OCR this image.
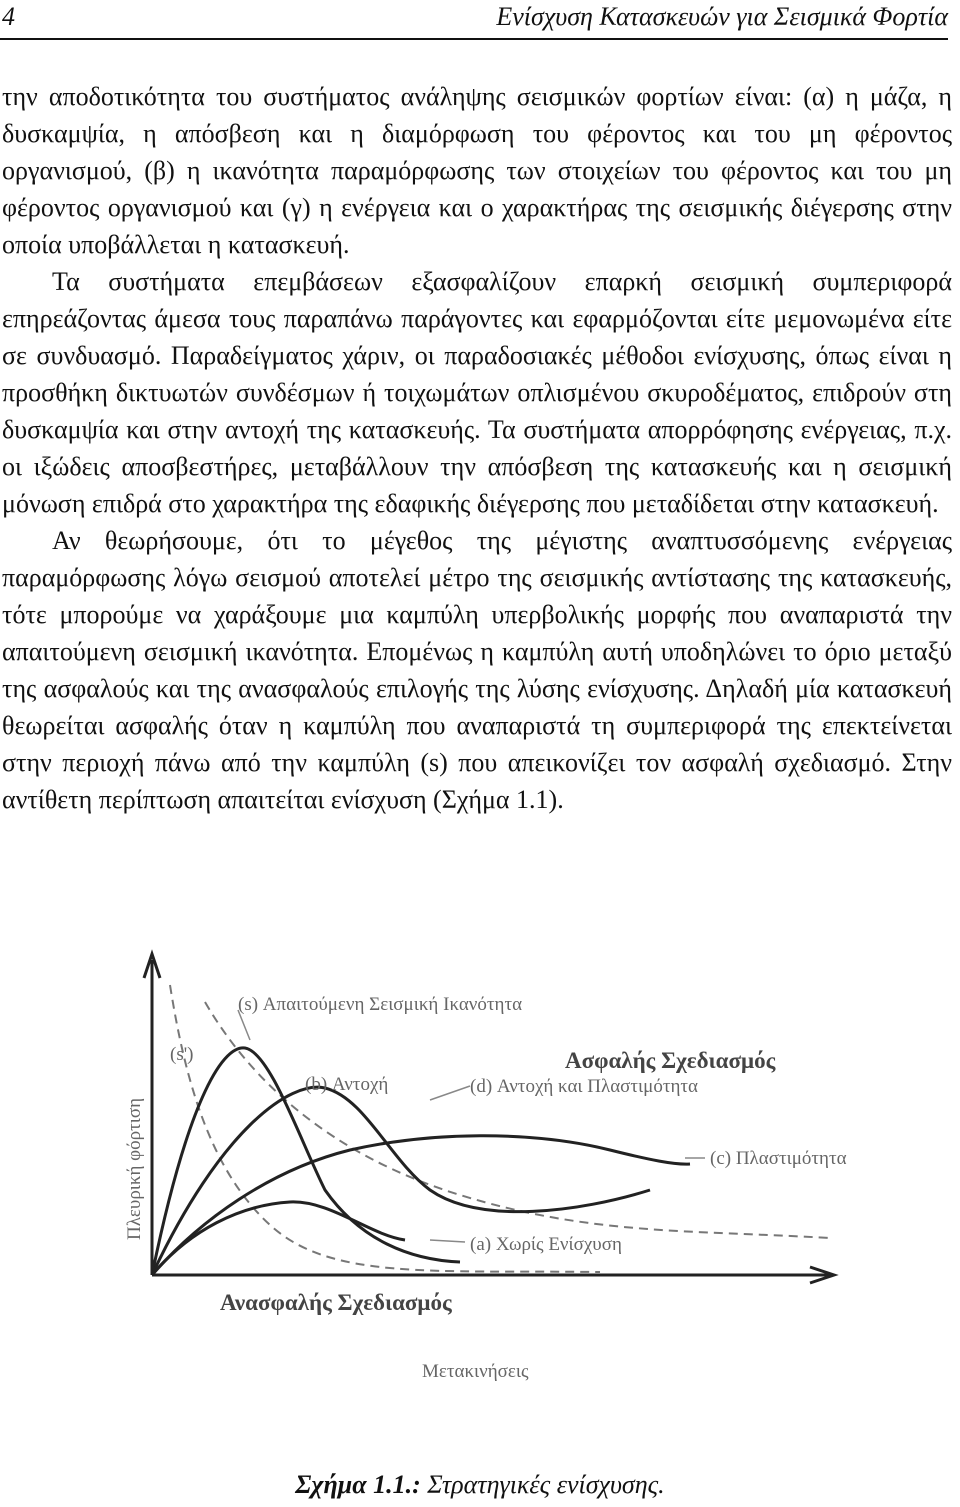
4	Ενίσχυση Κατασκευών για Σεισμικά Φορτία

την αποδοτικότητα του συστήματος ανάληψης σεισμικών φορτίων είναι: (α) η μάζα, η δυσκαμψία, η απόσβεση και η διαμόρφωση του φέροντος και του μη φέροντος οργανισμού, (β) η ικανότητα παραμόρφωσης των στοιχείων του φέροντος και του μη φέροντος οργανισμού και (γ) η ενέργεια και ο χαρακτήρας της σεισμικής διέγερσης στην οποία υποβάλλεται η κατασκευή.

Τα συστήματα επεμβάσεων εξασφαλίζουν επαρκή σεισμική συμπεριφορά επηρεάζοντας άμεσα τους παραπάνω παράγοντες και εφαρμόζονται είτε μεμονωμένα είτε σε συνδυασμό. Παραδείγματος χάριν, οι παραδοσιακές μέθοδοι ενίσχυσης, όπως είναι η προσθήκη δικτυωτών συνδέσμων ή τοιχωμάτων οπλισμένου σκυροδέματος, επιδρούν στη δυσκαμψία και στην αντοχή της κατασκευής. Τα συστήματα απορρόφησης ενέργειας, π.χ. οι ιξώδεις αποσβεστήρες, μεταβάλλουν την απόσβεση της κατασκευής και η σεισμική μόνωση επιδρά στο χαρακτήρα της εδαφικής διέγερσης που μεταδίδεται στην κατασκευή.

Αν θεωρήσουμε, ότι το μέγεθος της μέγιστης αναπτυσσόμενης ενέργειας παραμόρφωσης λόγω σεισμού αποτελεί μέτρο της σεισμικής αντίστασης της κατασκευής, τότε μπορούμε να χαράξουμε μια καμπύλη υπερβολικής μορφής που αναπαριστά την απαιτούμενη σεισμική ικανότητα. Επομένως η καμπύλη αυτή υποδηλώνει το όριο μεταξύ της ασφαλούς και της ανασφαλούς επιλογής της λύσης ενίσχυσης. Δηλαδή μία κατασκευή θεωρείται ασφαλής όταν η καμπύλη που αναπαριστά τη συμπεριφορά της επεκτείνεται στην περιοχή πάνω από την καμπύλη (s) που απεικονίζει τον ασφαλή σχεδιασμό. Στην αντίθετη περίπτωση απαιτείται ενίσχυση (Σχήμα 1.1).

(s) Απαιτούμενη Σεισμική Ικανότητα
(s')
(b) Αντοχή	(d) Αντοχή και Πλαστιμότητα
(c) Πλαστιμότητα
(a) Χωρίς Ενίσχυση
Ασφαλής Σχεδιασμός
Ανασφαλής Σχεδιασμός
Μετακινήσεις
Πλευρική φόρτιση
Σχήμα 1.1.: Στρατηγικές ενίσχυσης.
